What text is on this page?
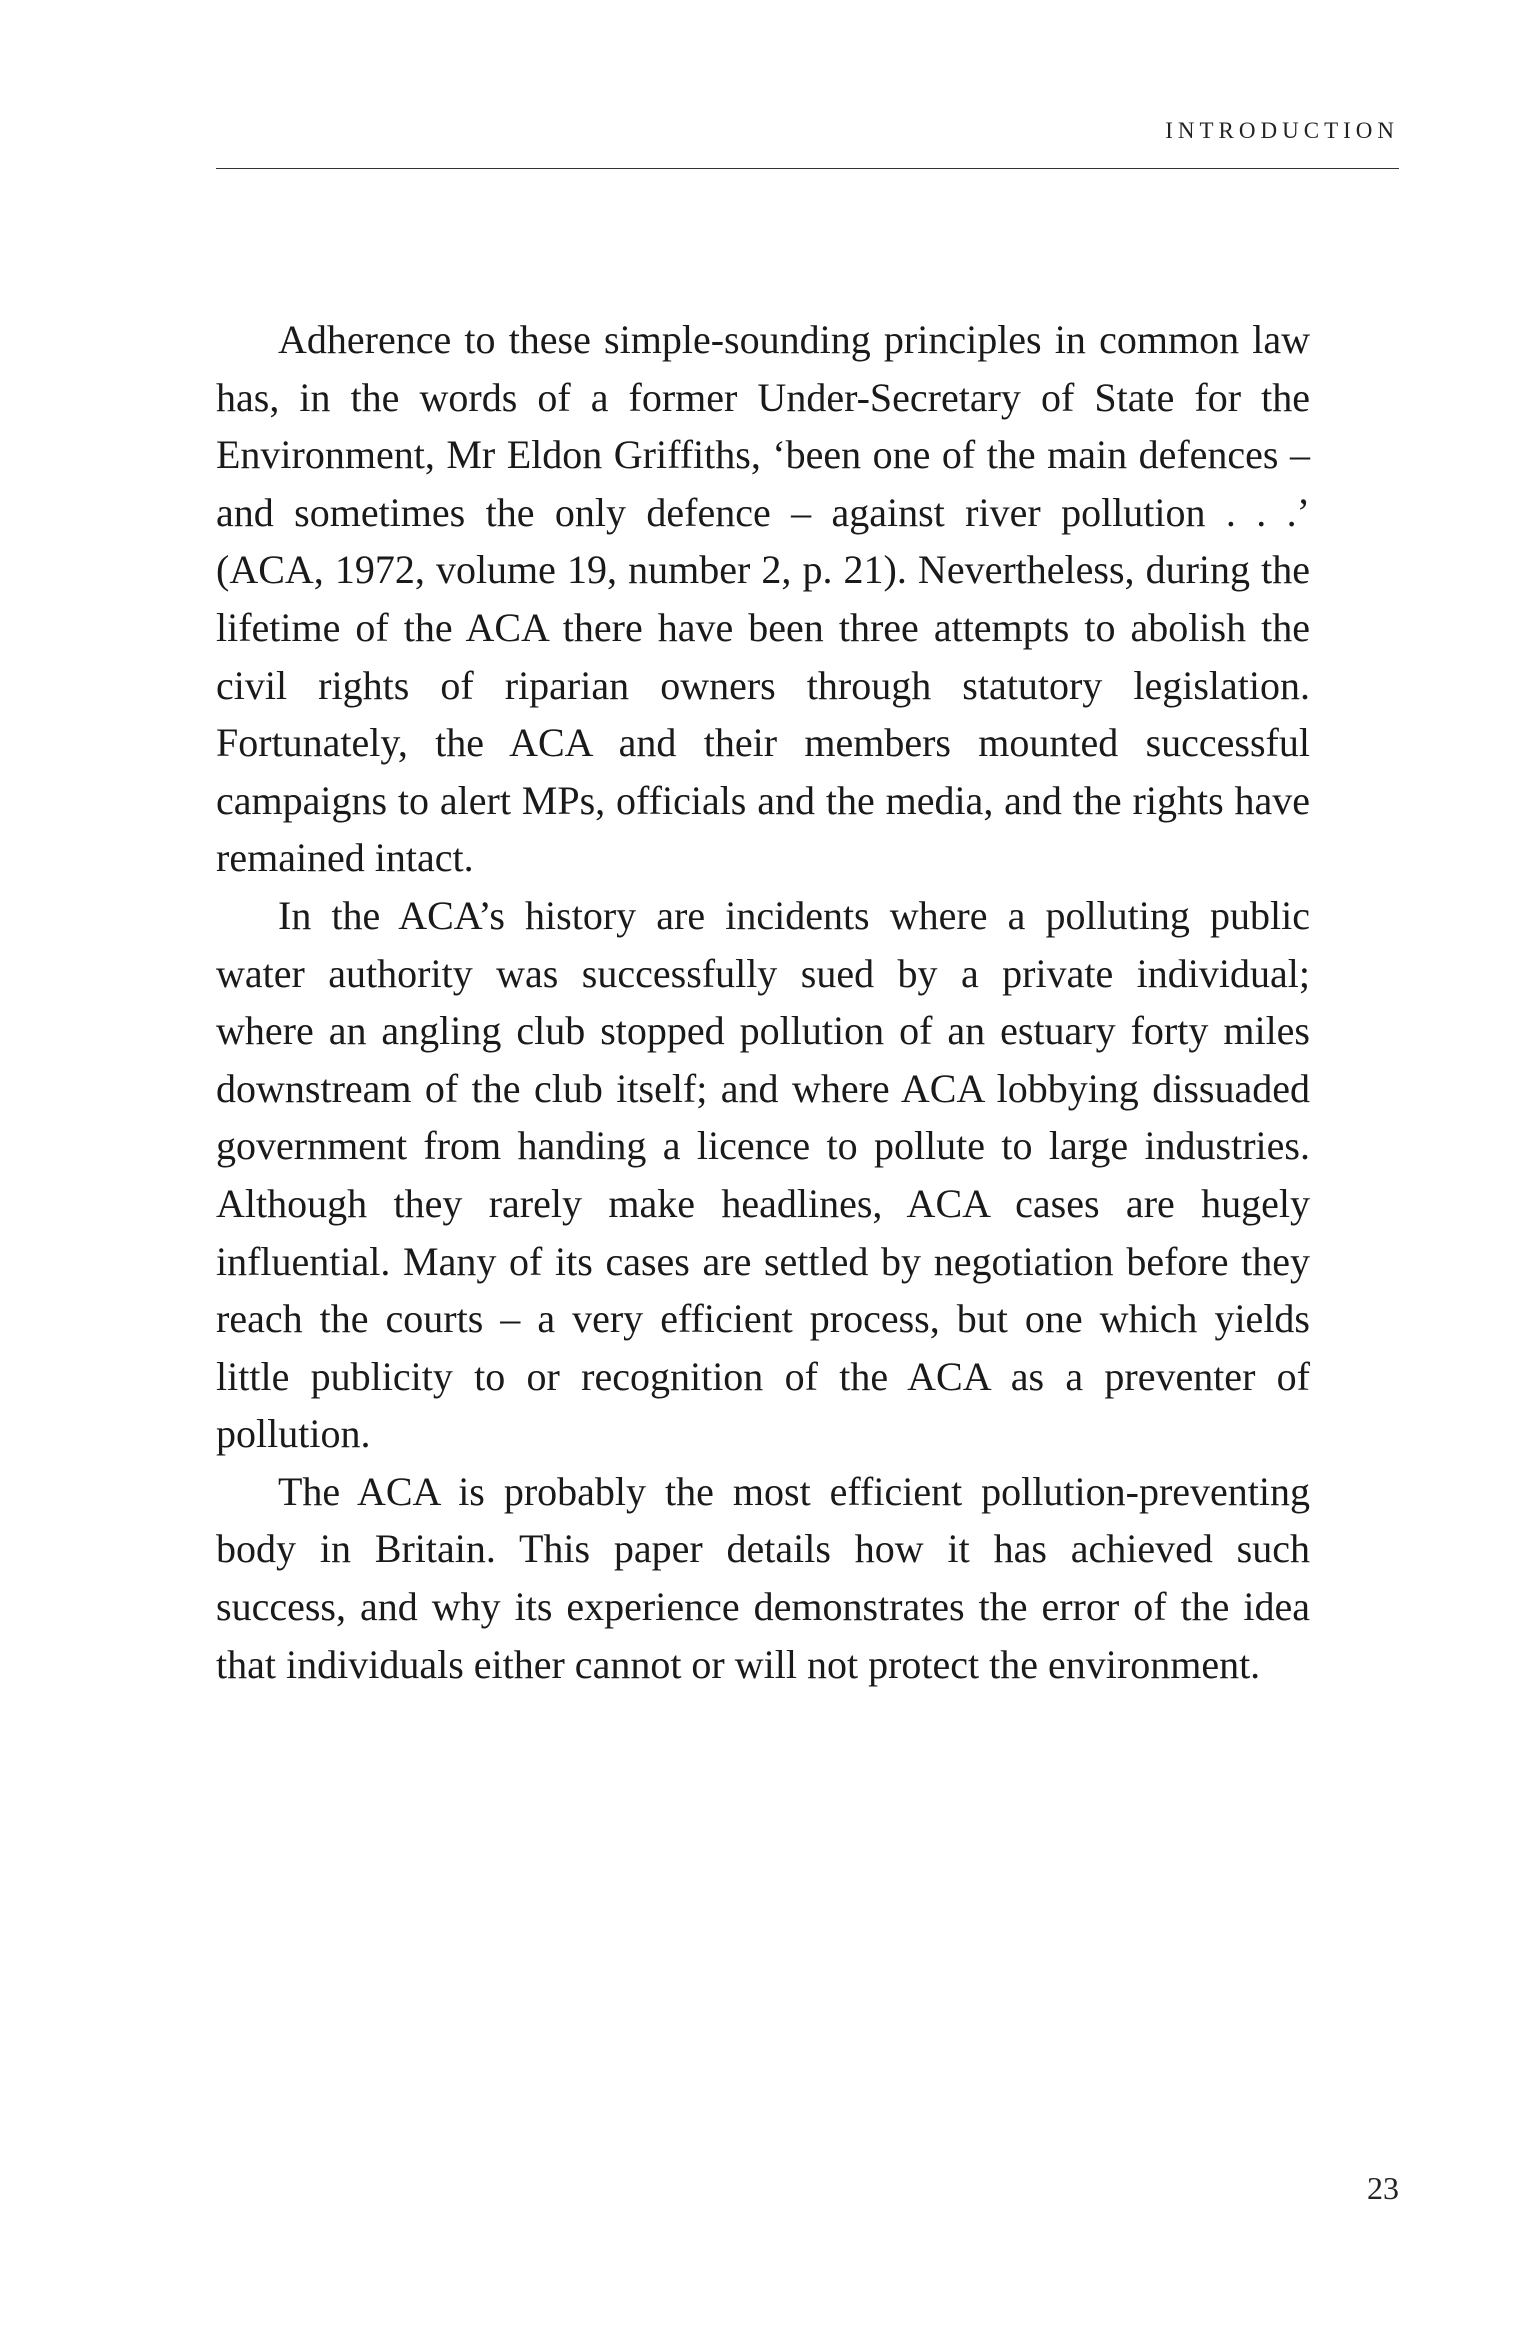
INTRODUCTION

Adherence to these simple-sounding principles in common law has, in the words of a former Under-Secretary of State for the Environment, Mr Eldon Griffiths, ‘been one of the main defences – and sometimes the only defence – against river pollution . . .’ (ACA, 1972, volume 19, number 2, p. 21). Nevertheless, during the lifetime of the ACA there have been three attempts to abolish the civil rights of riparian owners through statutory legislation. Fortunately, the ACA and their members mounted successful campaigns to alert MPs, officials and the media, and the rights have remained intact.

In the ACA’s history are incidents where a polluting public water authority was successfully sued by a private individual; where an angling club stopped pollution of an estuary forty miles downstream of the club itself; and where ACA lobbying dissuaded government from handing a licence to pollute to large industries. Although they rarely make headlines, ACA cases are hugely influential. Many of its cases are settled by negotiation before they reach the courts – a very efficient process, but one which yields little publicity to or recognition of the ACA as a preventer of pollution.

The ACA is probably the most efficient pollution-preventing body in Britain. This paper details how it has achieved such success, and why its experience demonstrates the error of the idea that individuals either cannot or will not protect the environment.

23
